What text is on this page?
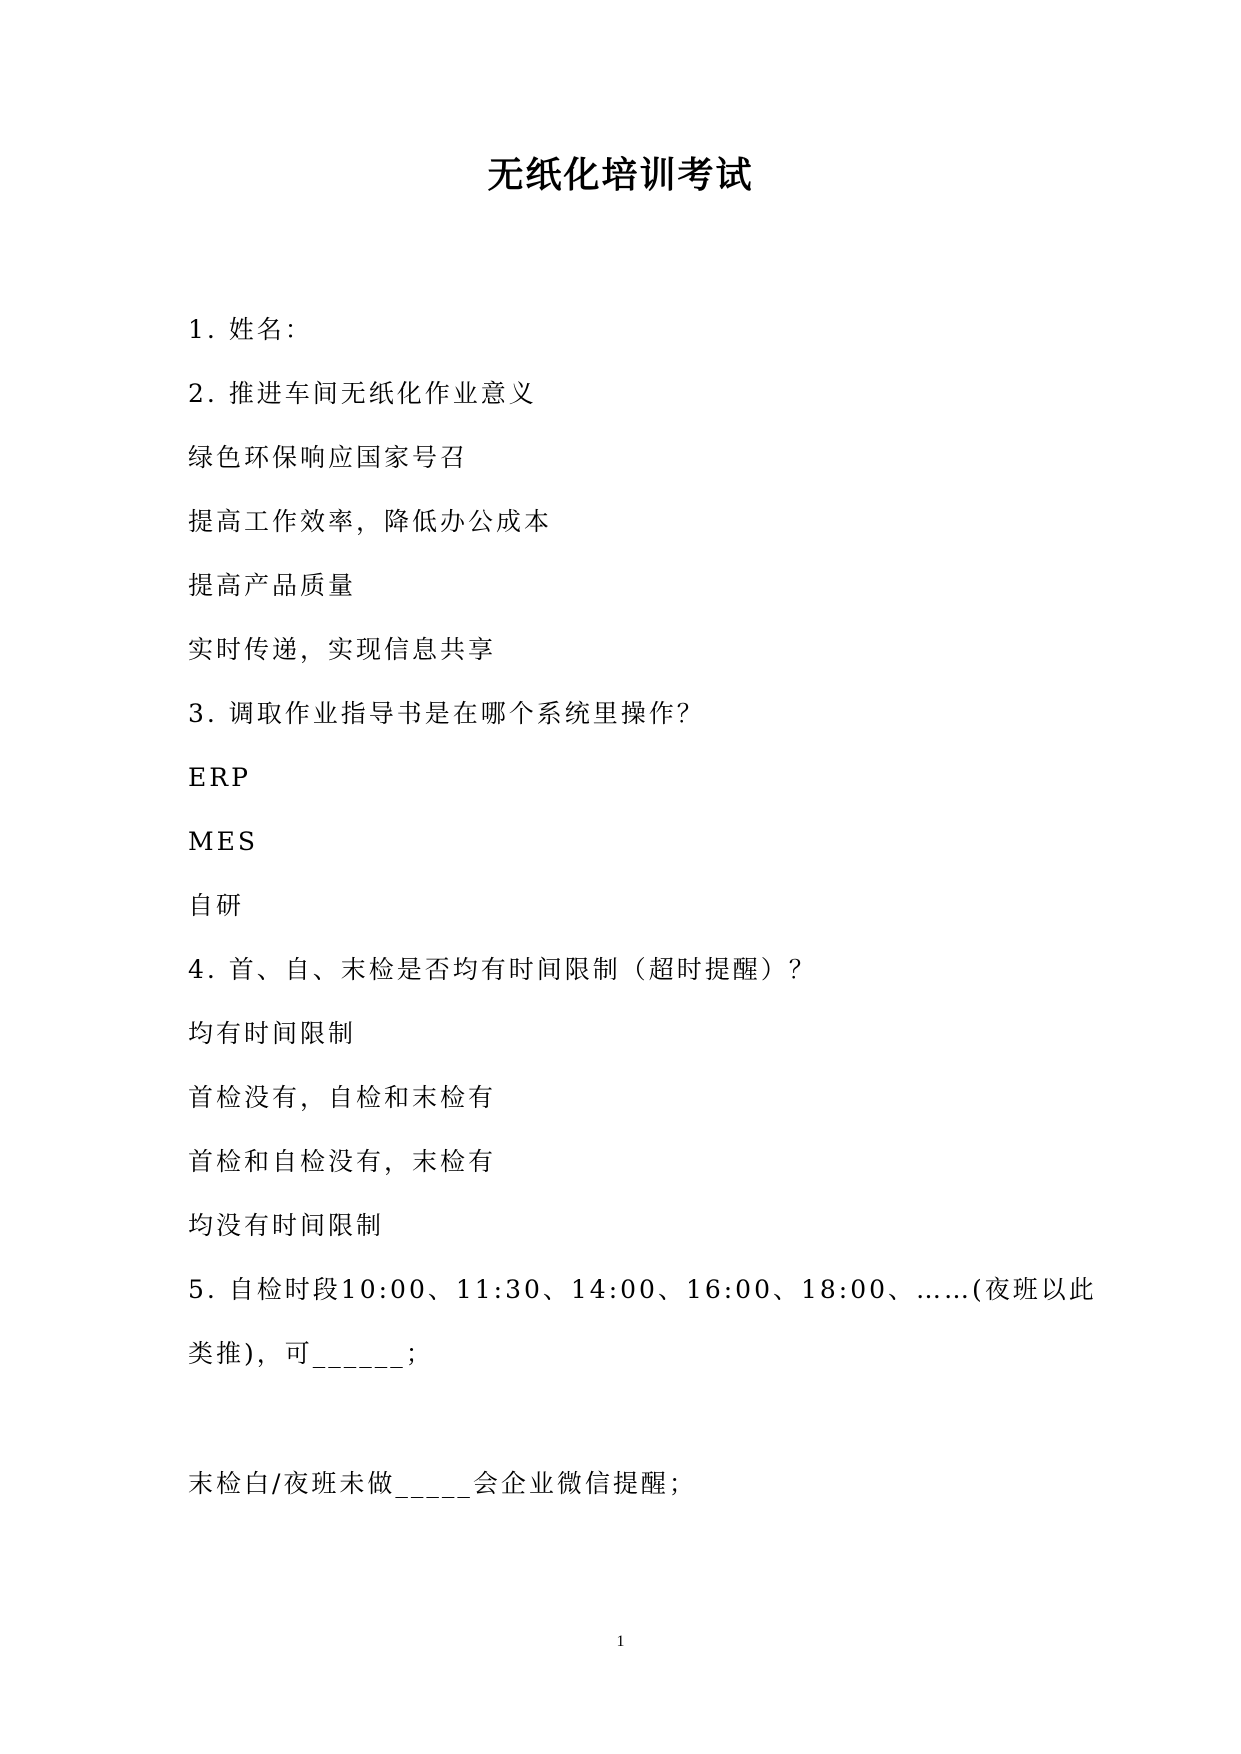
无纸化培训考试
1. 姓名：
2. 推进车间无纸化作业意义
绿色环保响应国家号召
提高工作效率，降低办公成本
提高产品质量
实时传递，实现信息共享
3. 调取作业指导书是在哪个系统里操作？
ERP
MES
自研
4. 首、自、末检是否均有时间限制（超时提醒）？
均有时间限制
首检没有，自检和末检有
首检和自检没有，末检有
均没有时间限制
5. 自检时段10:00、11:30、14:00、16:00、18:00、……(夜班以此
类推)，可______；
末检白/夜班未做_____会企业微信提醒；
1
